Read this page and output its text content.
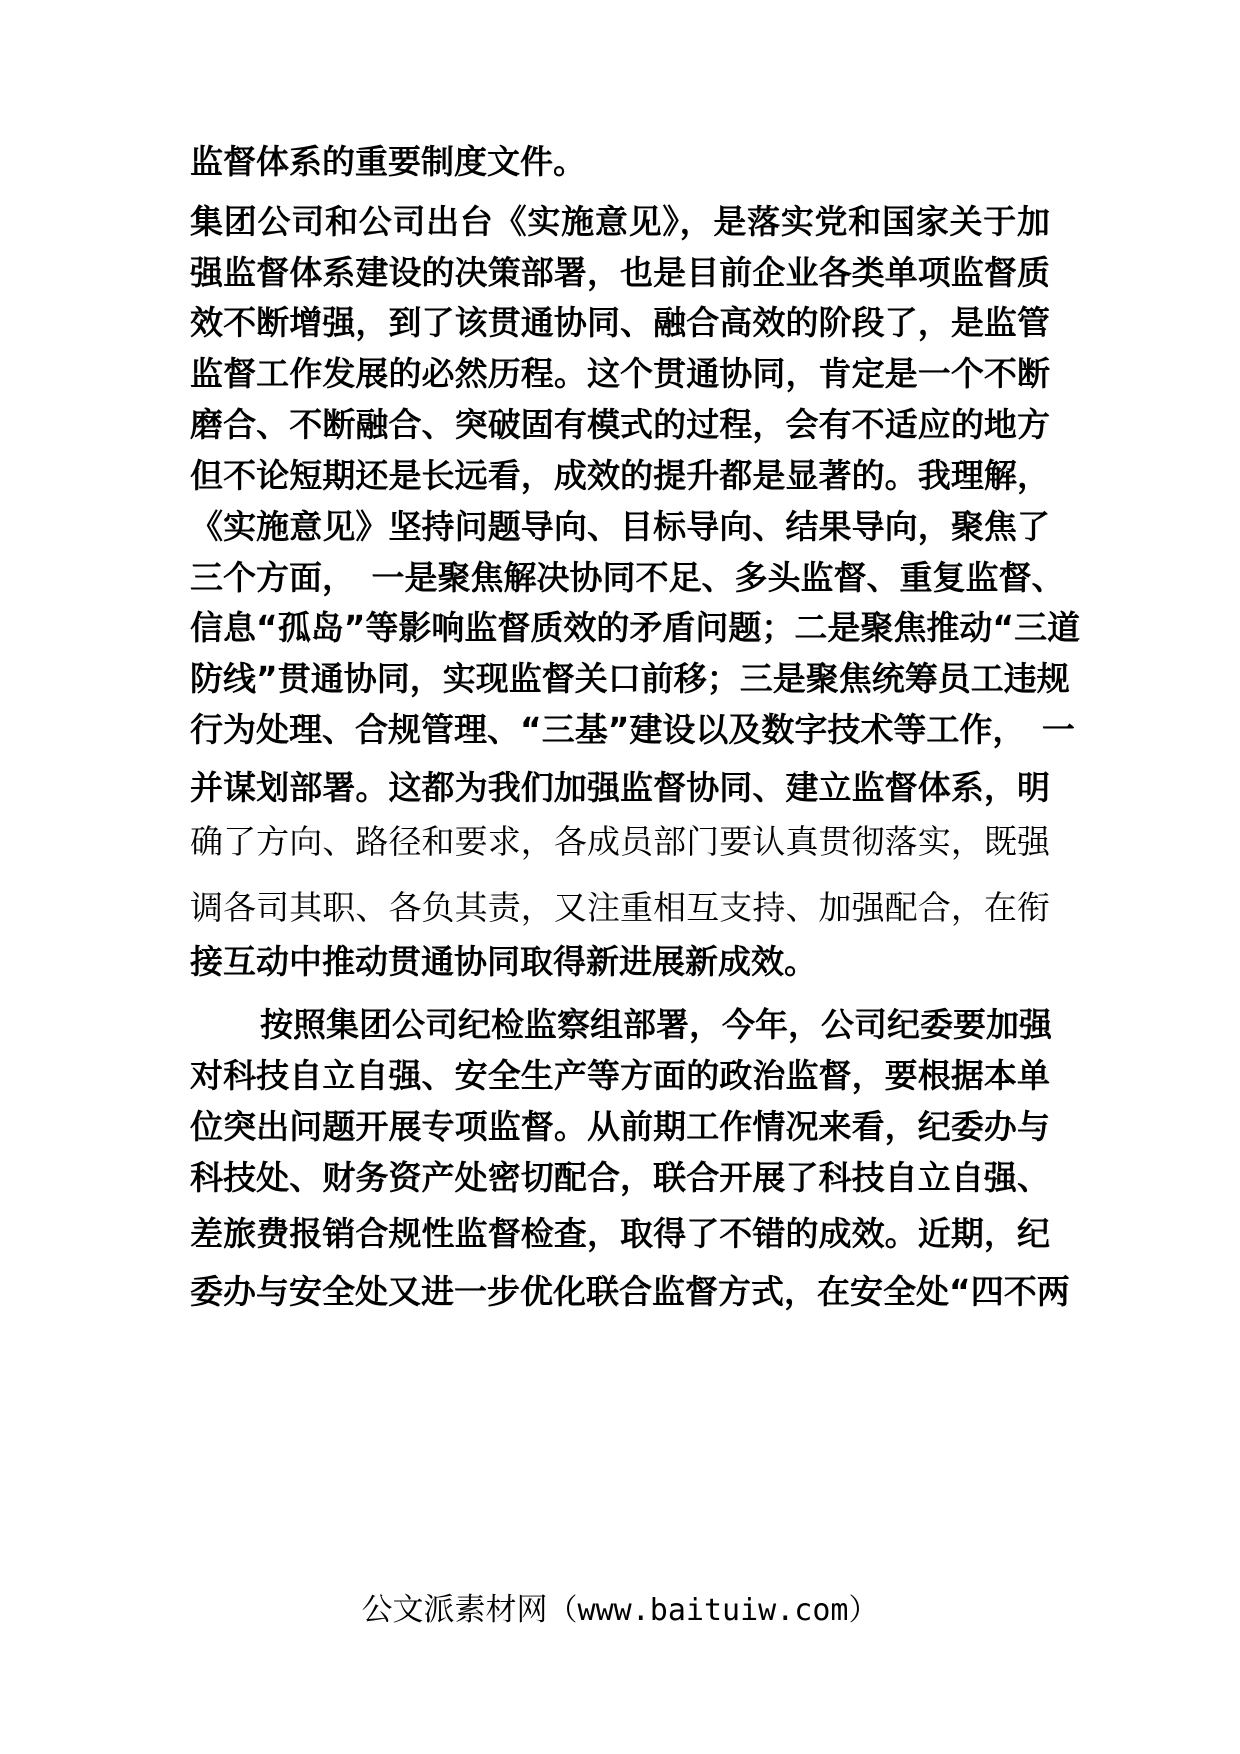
监督体系的重要制度文件。
集团公司和公司出台《实施意见》，是落实党和国家关于加
强监督体系建设的决策部署，也是目前企业各类单项监督质
效不断增强，到了该贯通协同、融合高效的阶段了，是监管
监督工作发展的必然历程。这个贯通协同，肯定是一个不断
磨合、不断融合、突破固有模式的过程，会有不适应的地方
但不论短期还是长远看，成效的提升都是显著的。我理解，
《实施意见》坚持问题导向、目标导向、结果导向，聚焦了
三个方面，　一是聚焦解决协同不足、多头监督、重复监督、
信息“孤岛”等影响监督质效的矛盾问题；二是聚焦推动“三道
防线”贯通协同，实现监督关口前移；三是聚焦统筹员工违规
行为处理、合规管理、“三基”建设以及数字技术等工作，　一
并谋划部署。这都为我们加强监督协同、建立监督体系，明
确了方向、路径和要求，各成员部门要认真贯彻落实，既强
调各司其职、各负其责，又注重相互支持、加强配合，在衔
接互动中推动贯通协同取得新进展新成效。
按照集团公司纪检监察组部署，今年，公司纪委要加强
对科技自立自强、安全生产等方面的政治监督，要根据本单
位突出问题开展专项监督。从前期工作情况来看，纪委办与
科技处、财务资产处密切配合，联合开展了科技自立自强、
差旅费报销合规性监督检查，取得了不错的成效。近期，纪
委办与安全处又进一步优化联合监督方式，在安全处“四不两
公文派素材网（www.baituiw.com）
